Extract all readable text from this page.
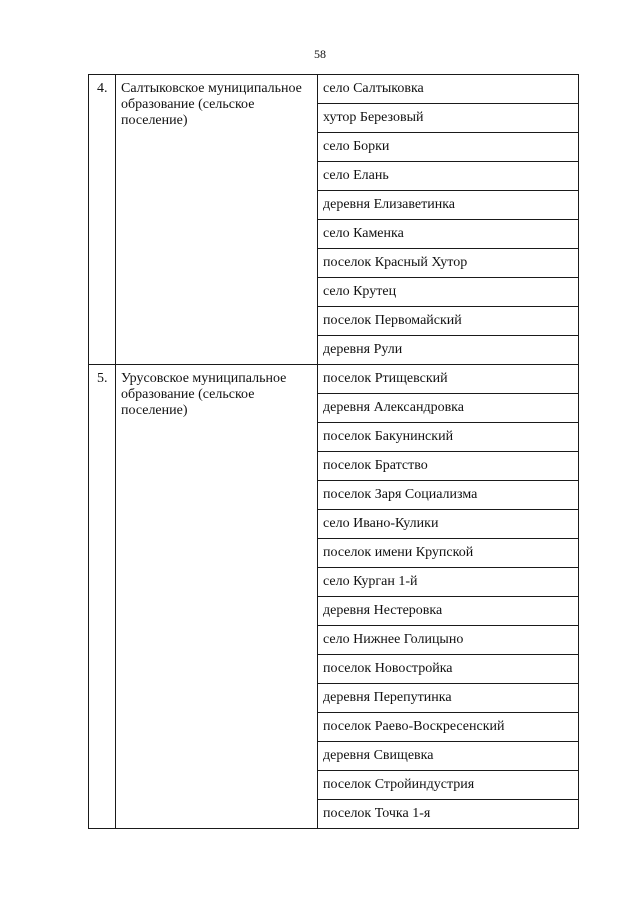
58
4.	Салтыковское муниципальное образование (сельское поселение)	село Салтыковка
		хутор Березовый
		село Борки
		село Елань
		деревня Елизаветинка
		село Каменка
		поселок Красный Хутор
		село Крутец
		поселок Первомайский
		деревня Рули
5.	Урусовское муниципальное образование (сельское поселение)	поселок Ртищевский
		деревня Александровка
		поселок Бакунинский
		поселок Братство
		поселок Заря Социализма
		село Ивано-Кулики
		поселок имени Крупской
		село Курган 1-й
		деревня Нестеровка
		село Нижнее Голицыно
		поселок Новостройка
		деревня Перепутинка
		поселок Раево-Воскресенский
		деревня Свищевка
		поселок Стройиндустрия
		поселок Точка 1-я
